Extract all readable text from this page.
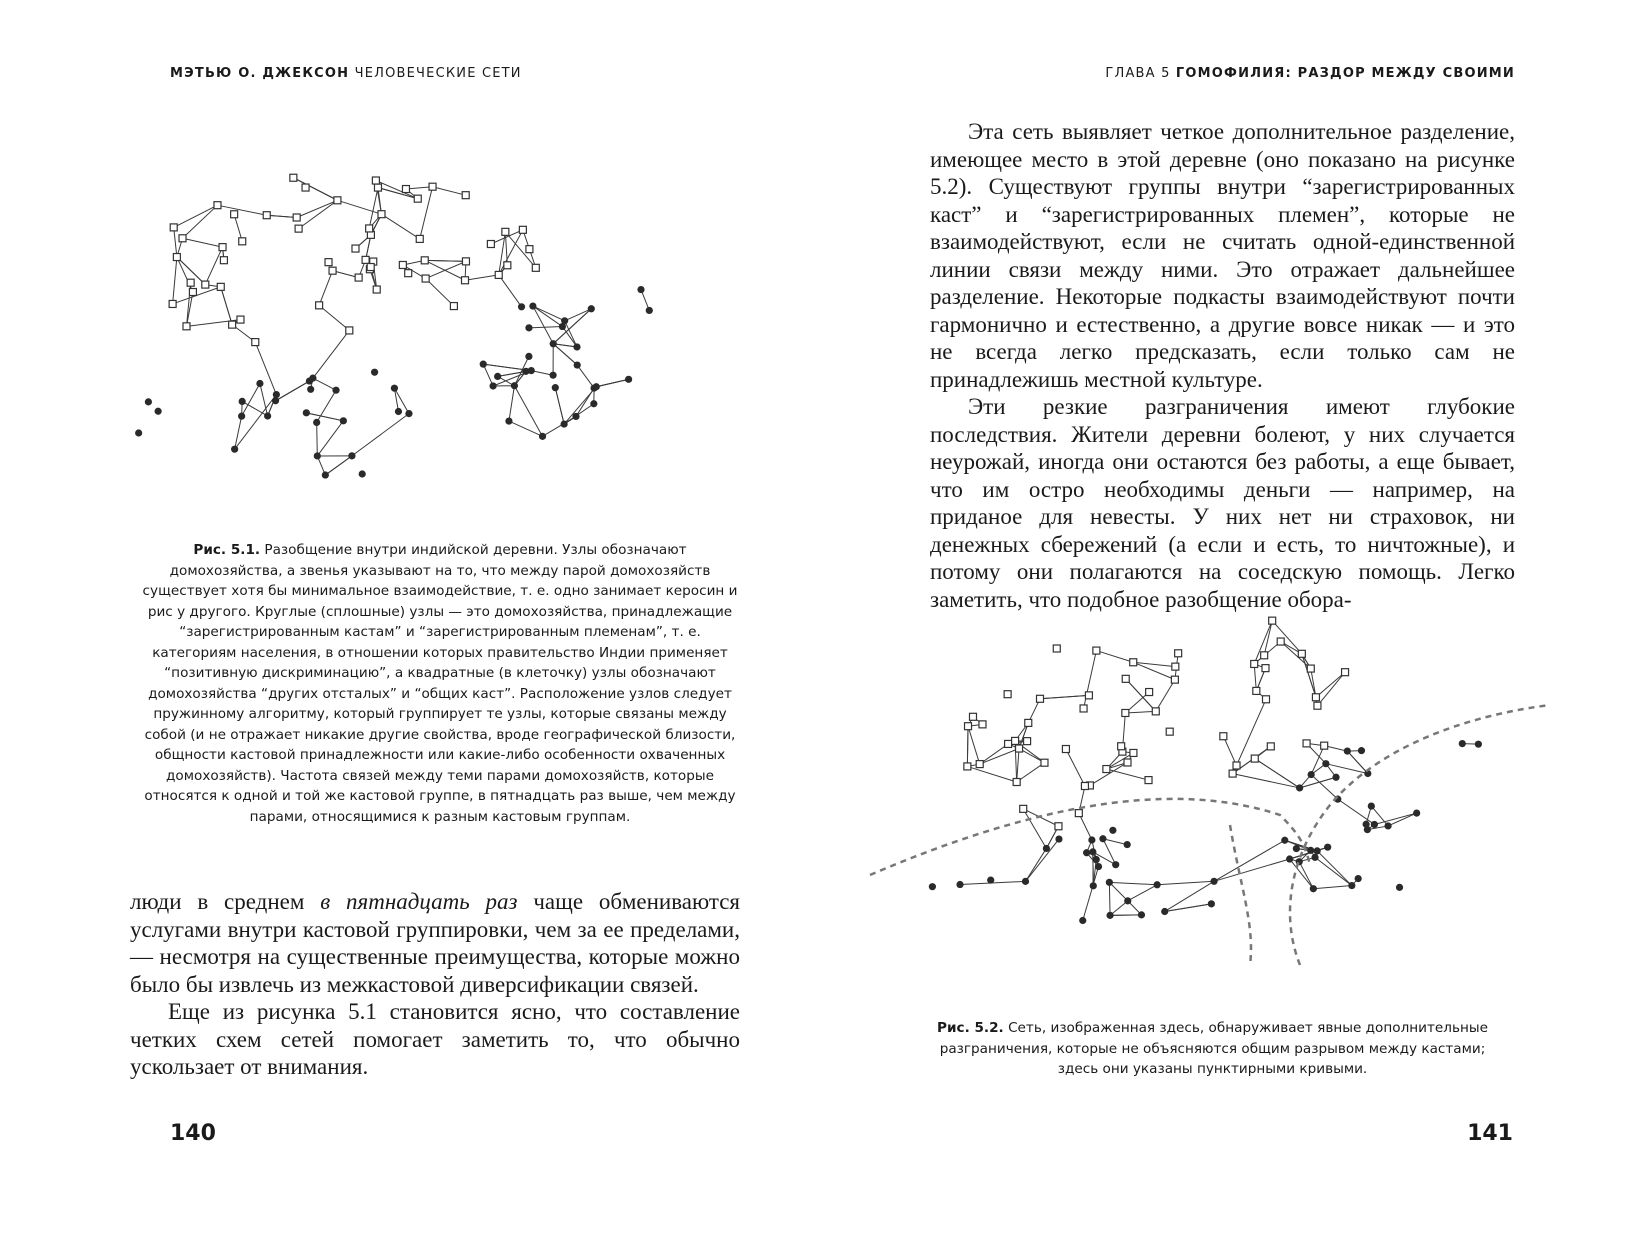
МЭТЬЮ О. ДЖЕКСОН ЧЕЛОВЕЧЕСКИЕ СЕТИ
Рис. 5.1. Разобщение внутри индийской деревни. Узлы обозначают домохозяйства, а звенья указывают на то, что между парой домохозяйств существует хотя бы минимальное взаимодействие, т. е. одно занимает керосин и рис у другого. Круглые (сплошные) узлы — это домохозяйства, принадлежащие “зарегистрированным кастам” и “зарегистрированным племенам”, т. е. категориям населения, в отношении которых правительство Индии применяет “позитивную дискриминацию”, а квадратные (в клеточку) узлы обозначают домохозяйства “других отсталых” и “общих каст”. Расположение узлов следует пружинному алгоритму, который группирует те узлы, которые связаны между собой (и не отражает никакие другие свойства, вроде географической близости, общности кастовой принадлежности или какие-либо особенности охваченных домохозяйств). Частота связей между теми парами домохозяйств, которые относятся к одной и той же кастовой группе, в пятнадцать раз выше, чем между парами, относящимися к разным кастовым группам.

люди в среднем в пятнадцать раз чаще обмениваются услугами внутри кастовой группировки, чем за ее пределами, — несмотря на существенные преимущества, которые можно было бы извлечь из межкастовой диверсификации связей.

Еще из рисунка 5.1 становится ясно, что составление четких схем сетей помогает заметить то, что обычно ускользает от внимания.

140
ГЛАВА 5 ГОМОФИЛИЯ: РАЗДОР МЕЖДУ СВОИМИ

Эта сеть выявляет четкое дополнительное разделение, имеющее место в этой деревне (оно показано на рисунке 5.2). Существуют группы внутри “зарегистрированных каст” и “зарегистрированных племен”, которые не взаимодействуют, если не считать одной-единственной линии связи между ними. Это отражает дальнейшее разделение. Некоторые подкасты взаимодействуют почти гармонично и естественно, а другие вовсе никак — и это не всегда легко предсказать, если только сам не принадлежишь местной культуре.

Эти резкие разграничения имеют глубокие последствия. Жители деревни болеют, у них случается неурожай, иногда они остаются без работы, а еще бывает, что им остро необходимы деньги — например, на приданое для невесты. У них нет ни страховок, ни денежных сбережений (а если и есть, то ничтожные), и потому они полагаются на соседскую помощь. Легко заметить, что подобное разобщение обора-

Рис. 5.2. Сеть, изображенная здесь, обнаруживает явные дополнительные разграничения, которые не объясняются общим разрывом между кастами; здесь они указаны пунктирными кривыми.
141
